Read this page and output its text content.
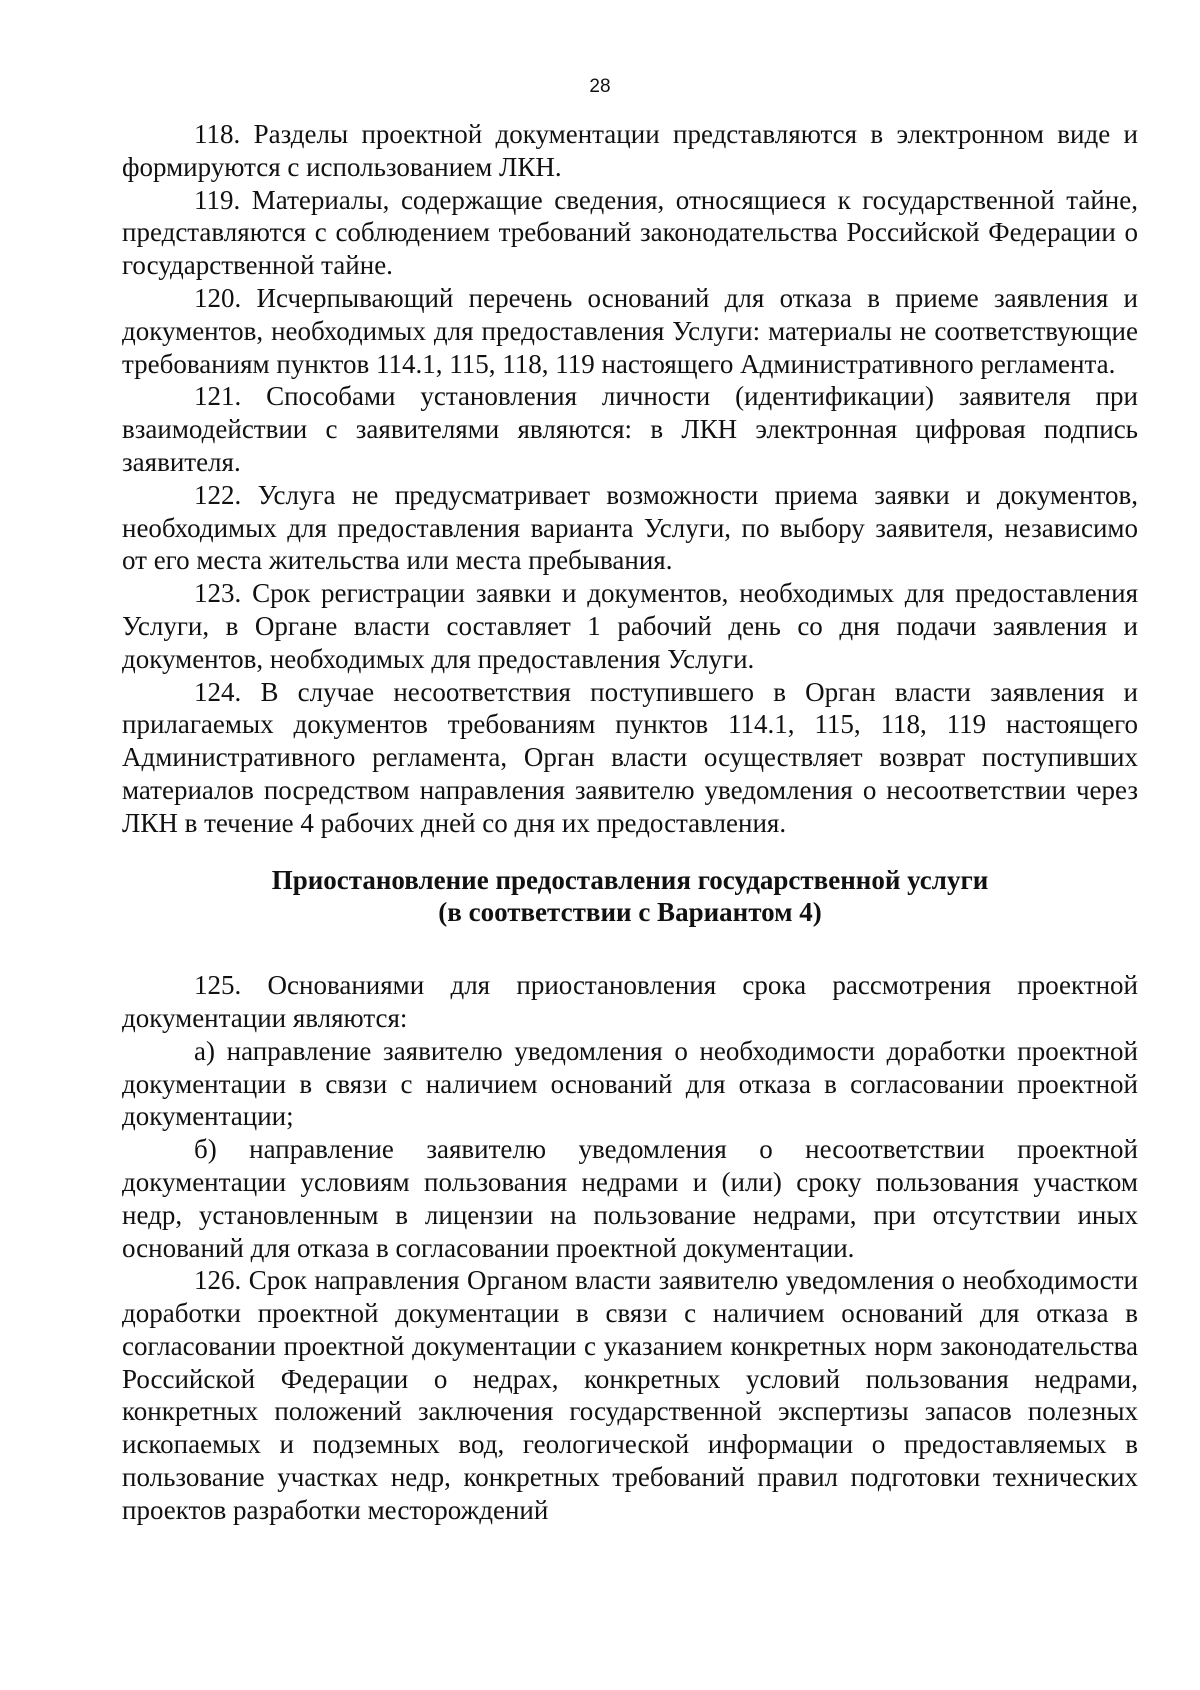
28

118. Разделы проектной документации представляются в электронном виде и формируются с использованием ЛКН.

119. Материалы, содержащие сведения, относящиеся к государственной тайне, представляются с соблюдением требований законодательства Российской Федерации о государственной тайне.

120. Исчерпывающий перечень оснований для отказа в приеме заявления и документов, необходимых для предоставления Услуги: материалы не соответствующие требованиям пунктов 114.1, 115, 118, 119 настоящего Административного регламента.

121. Способами установления личности (идентификации) заявителя при взаимодействии с заявителями являются: в ЛКН электронная цифровая подпись заявителя.

122. Услуга не предусматривает возможности приема заявки и документов, необходимых для предоставления варианта Услуги, по выбору заявителя, независимо от его места жительства или места пребывания.

123. Срок регистрации заявки и документов, необходимых для предоставления Услуги, в Органе власти составляет 1 рабочий день со дня подачи заявления и документов, необходимых для предоставления Услуги.

124. В случае несоответствия поступившего в Орган власти заявления и прилагаемых документов требованиям пунктов 114.1, 115, 118, 119 настоящего Административного регламента, Орган власти осуществляет возврат поступивших материалов посредством направления заявителю уведомления о несоответствии через ЛКН в течение 4 рабочих дней со дня их предоставления.

Приостановление предоставления государственной услуги
(в соответствии с Вариантом 4)

125. Основаниями для приостановления срока рассмотрения проектной документации являются:

а) направление заявителю уведомления о необходимости доработки проектной документации в связи с наличием оснований для отказа в согласовании проектной документации;

б) направление заявителю уведомления о несоответствии проектной документации условиям пользования недрами и (или) сроку пользования участком недр, установленным в лицензии на пользование недрами, при отсутствии иных оснований для отказа в согласовании проектной документации.

126. Срок направления Органом власти заявителю уведомления о необходимости доработки проектной документации в связи с наличием оснований для отказа в согласовании проектной документации с указанием конкретных норм законодательства Российской Федерации о недрах, конкретных условий пользования недрами, конкретных положений заключения государственной экспертизы запасов полезных ископаемых и подземных вод, геологической информации о предоставляемых в пользование участках недр, конкретных требований правил подготовки технических проектов разработки месторождений
